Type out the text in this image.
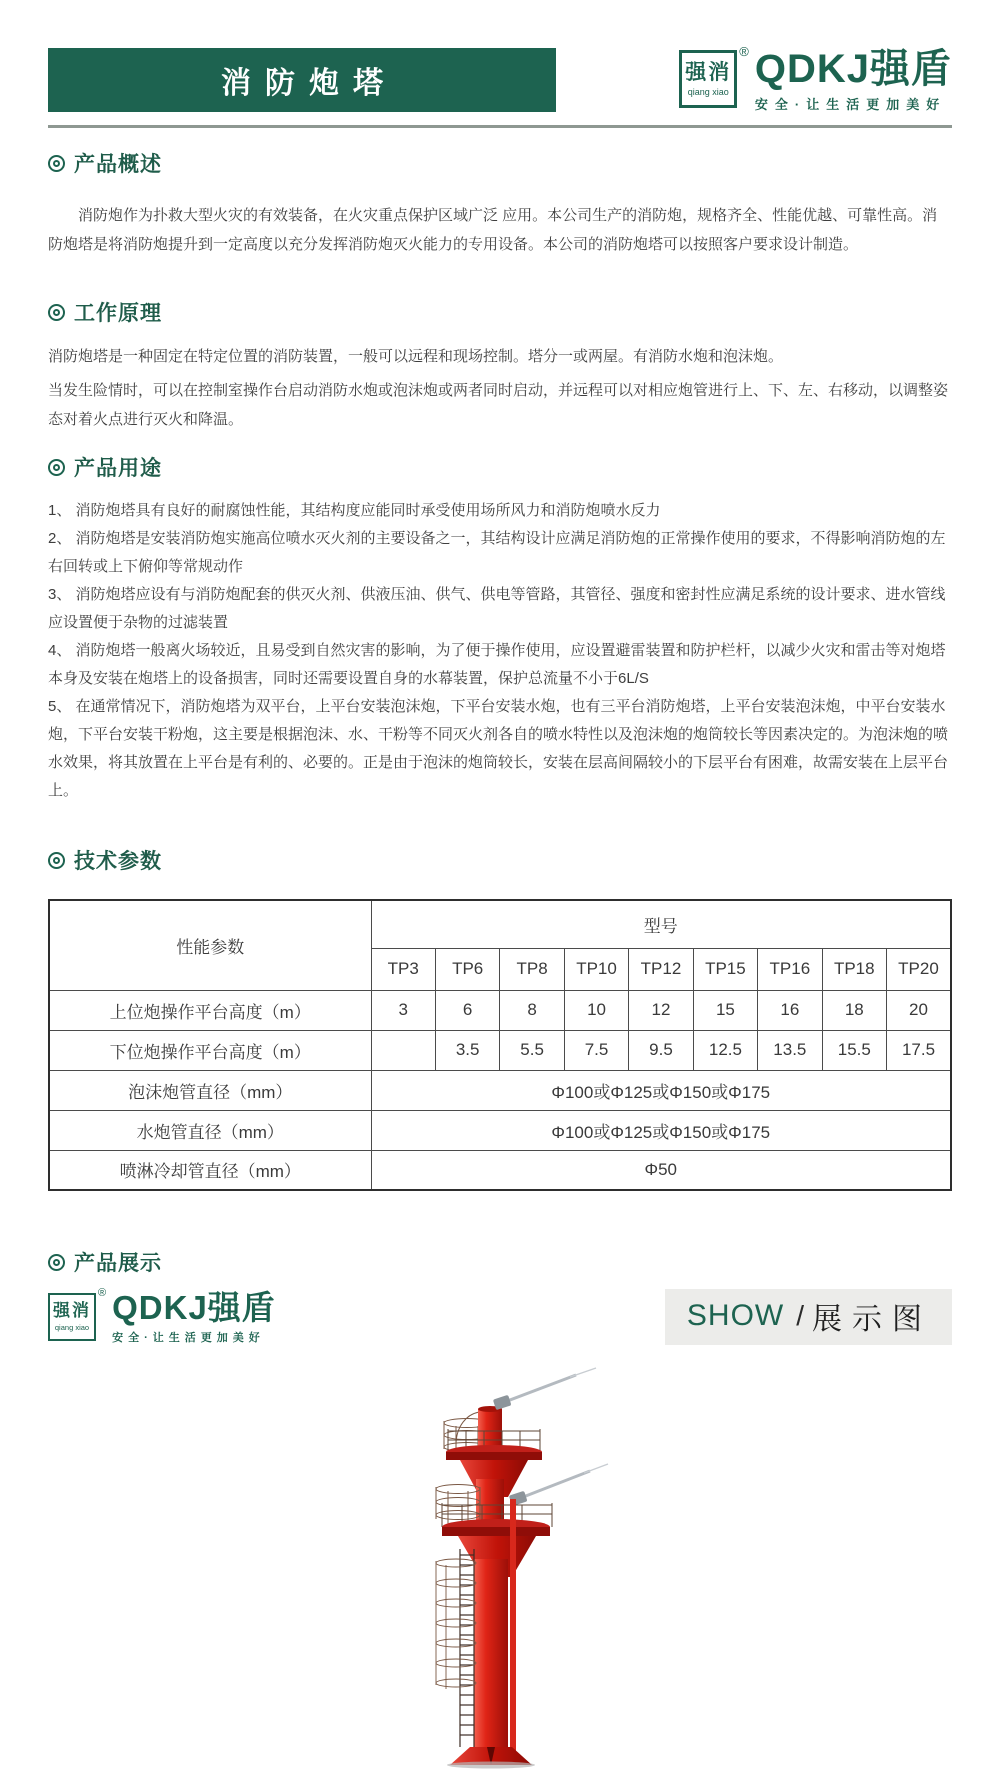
消防炮塔	强消
qiang xiao
® QDKJ强盾
安全·让生活更加美好
产品概述

消防炮作为扑救大型火灾的有效装备，在火灾重点保护区域广泛 应用。本公司生产的消防炮，规格齐全、性能优越、可靠性高。消防炮塔是将消防炮提升到一定高度以充分发挥消防炮灭火能力的专用设备。本公司的消防炮塔可以按照客户要求设计制造。

工作原理

消防炮塔是一种固定在特定位置的消防装置，一般可以远程和现场控制。塔分一或两屋。有消防水炮和泡沫炮。

当发生险情时，可以在控制室操作台启动消防水炮或泡沫炮或两者同时启动，并远程可以对相应炮管进行上、下、左、右移动，以调整姿态对着火点进行灭火和降温。

产品用途

1、 消防炮塔具有良好的耐腐蚀性能，其结构度应能同时承受使用场所风力和消防炮喷水反力

2、 消防炮塔是安装消防炮实施高位喷水灭火剂的主要设备之一，其结构设计应满足消防炮的正常操作使用的要求，不得影响消防炮的左右回转或上下俯仰等常规动作

3、 消防炮塔应设有与消防炮配套的供灭火剂、供液压油、供气、供电等管路，其管径、强度和密封性应满足系统的设计要求、进水管线应设置便于杂物的过滤装置

4、 消防炮塔一般离火场较近，且易受到自然灾害的影响，为了便于操作使用，应设置避雷装置和防护栏杆，以减少火灾和雷击等对炮塔本身及安装在炮塔上的设备损害，同时还需要设置自身的水幕装置，保护总流量不小于6L/S

5、 在通常情况下，消防炮塔为双平台，上平台安装泡沫炮，下平台安装水炮，也有三平台消防炮塔，上平台安装泡沫炮，中平台安装水炮，下平台安装干粉炮，这主要是根据泡沫、水、干粉等不同灭火剂各自的喷水特性以及泡沫炮的炮筒较长等因素决定的。为泡沫炮的喷水效果，将其放置在上平台是有利的、必要的。正是由于泡沫的炮筒较长，安装在层高间隔较小的下层平台有困难，故需安装在上层平台上。

技术参数
性能参数	型号								
	TP3	TP6	TP8	TP10	TP12	TP15	TP16	TP18	TP20
上位炮操作平台高度（m）	3	6	8	10	12	15	16	18	20
下位炮操作平台高度（m）		3.5	5.5	7.5	9.5	12.5	13.5	15.5	17.5
泡沫炮管直径（mm）	Φ100或Φ125或Φ150或Φ175								
水炮管直径（mm）	Φ100或Φ125或Φ150或Φ175								
喷淋冷却管直径（mm）	Φ50								
产品展示
强消
qiang xiao
® QDKJ强盾
安全·让生活更加美好
SHOW / 展示图
